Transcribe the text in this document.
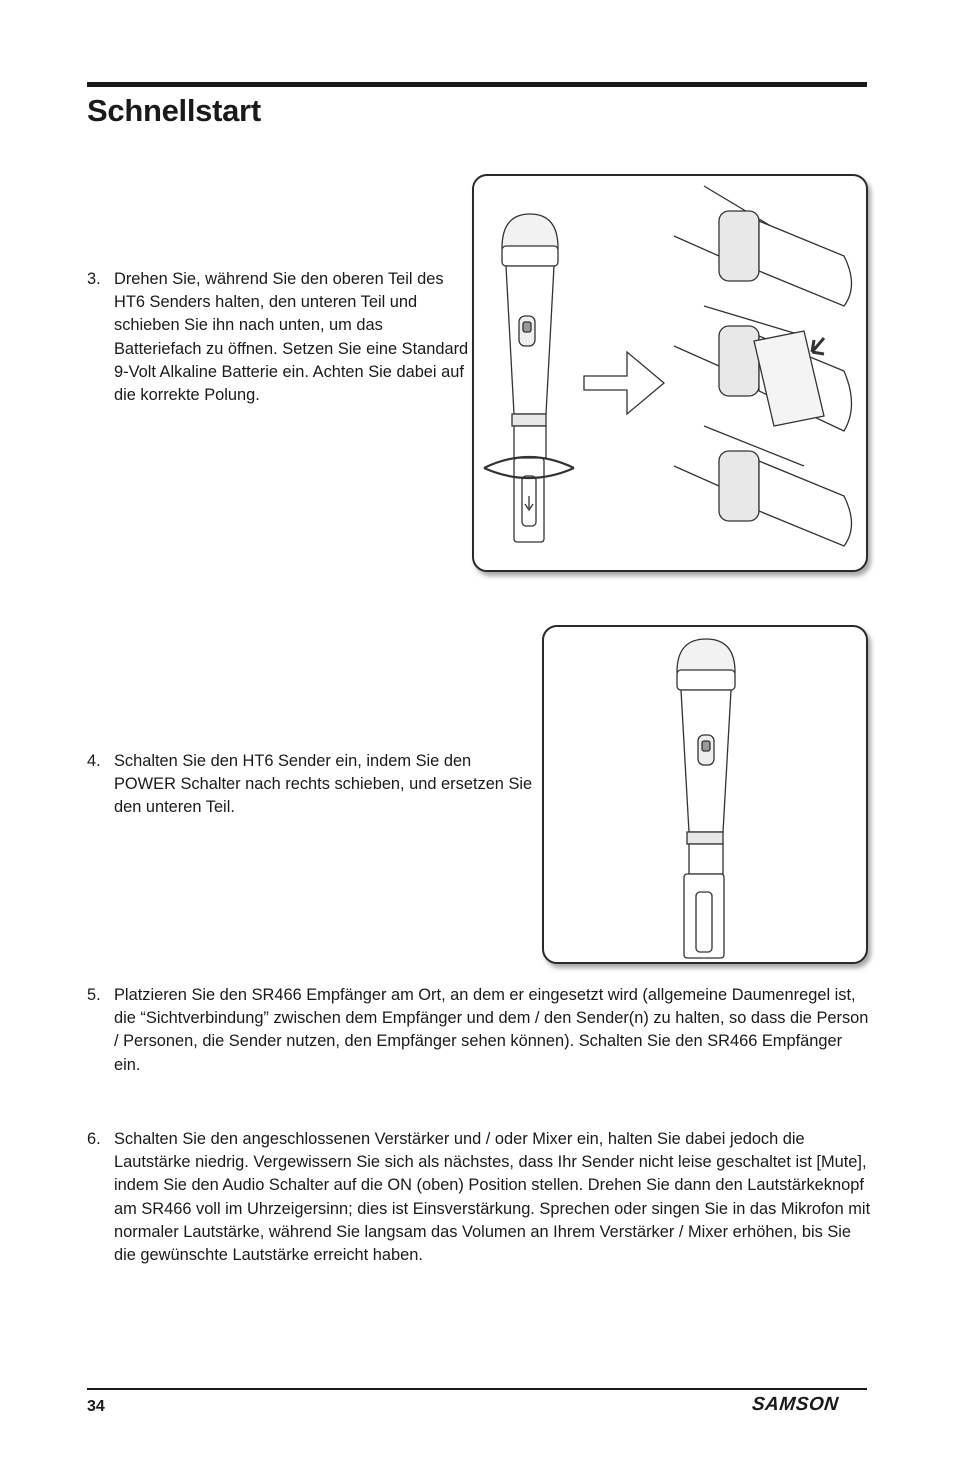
Schnellstart
3. Drehen Sie, während Sie den oberen Teil des HT6 Senders halten, den unteren Teil und schieben Sie ihn nach unten, um das Batteriefach zu öffnen. Setzen Sie eine Standard 9-Volt Alkaline Batterie ein. Achten Sie dabei auf die korrekte Polung.
4. Schalten Sie den HT6 Sender ein, indem Sie den POWER Schalter nach rechts schieben, und ersetzen Sie den unteren Teil.
5. Platzieren Sie den SR466 Empfänger am Ort, an dem er eingesetzt wird (allgemeine Daumenregel ist, die “Sichtverbindung” zwischen dem Empfänger und dem / den Sender(n) zu halten, so dass die Person / Personen, die Sender nutzen, den Empfänger sehen können). Schalten Sie den SR466 Empfänger ein.
6. Schalten Sie den angeschlossenen Verstärker und / oder Mixer ein, halten Sie dabei jedoch die Lautstärke niedrig. Vergewissern Sie sich als nächstes, dass Ihr Sender nicht leise geschaltet ist [Mute], indem Sie den Audio Schalter auf die ON (oben) Position stellen. Drehen Sie dann den Lautstärkeknopf am SR466 voll im Uhrzeigersinn; dies ist Einsverstärkung. Sprechen oder singen Sie in das Mikrofon mit normaler Lautstärke, während Sie langsam das Volumen an Ihrem Verstärker / Mixer erhöhen, bis Sie die gewünschte Lautstärke erreicht haben.
34	SAMSON
